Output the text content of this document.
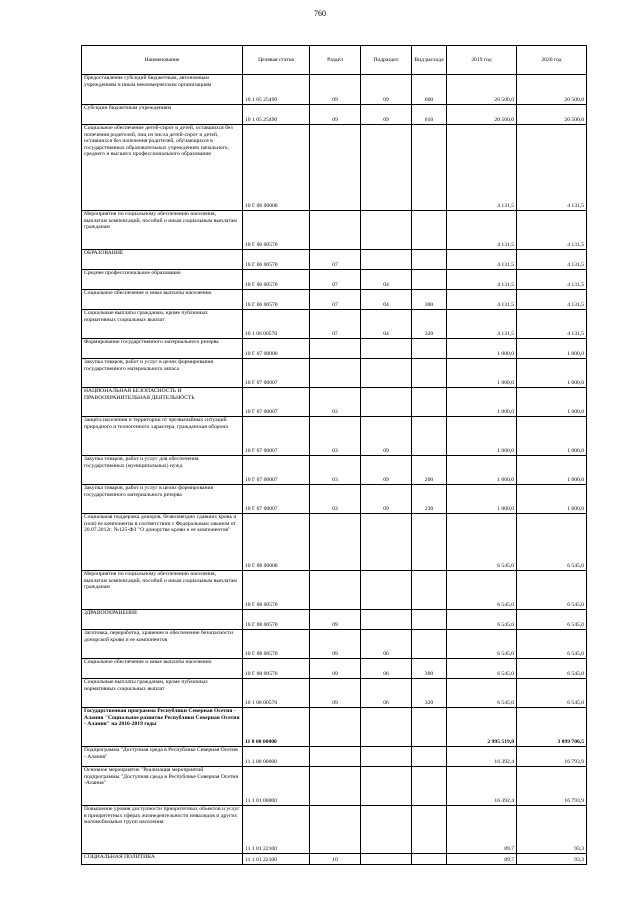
760
Наименование	Целевая статья	Раздел	Подраздел	Вид расхода	2019 год	2020 год
Предоставление субсидий бюджетным, автономным учреждениям и иным некоммерческим организациям	10 1 05 25490	09	09	600	20 500,0	20 500,0
Субсидии бюджетным учреждениям	10 1 05 25490	09	09	610	20 500,0	20 500,0
Социальное обеспечение детей-сирот и детей, оставшихся без попечения родителей, лиц из числа детей-сирот и детей, оставшихся без попечения родителей, обучающихся в государственных образовательных учреждениях начального, среднего и высшего профессионального образования	10 Г 06 00000				4 131,5	4 131,5
Мероприятия по социальному обеспечению населения, выплатам компенсаций, пособий и иным социальным выплатам гражданам	10 Г 06 00570				4 131,5	4 131,5
ОБРАЗОВАНИЕ	10 Г 06 00570	07			4 131,5	4 131,5
Среднее профессиональное образование	10 Г 06 00570	07	04		4 131,5	4 131,5
Социальное обеспечение и иные выплаты населению	10 Г 06 00570	07	04	300	4 131,5	4 131,5
Социальные выплаты гражданам, кроме публичных нормативных социальных выплат	10 1 06 00570	07	04	320	4 131,5	4 131,5
Формирование государственного материального резерва	10 Г 07 00000				1 000,0	1 000,0
Закупка товаров, работ и услуг в целях формирования государственного материального запаса	10 Г 07 00007				1 000,0	1 000,0
НАЦИОНАЛЬНАЯ БЕЗОПАСНОСТЬ И ПРАВООХРАНИТЕЛЬНАЯ ДЕЯТЕЛЬНОСТЬ	10 Г 07 00007	03			1 000,0	1 000,0
Защита населения и территории от чрезвычайных ситуаций природного и техногенного характера, гражданская оборона	10 Г 07 00007	03	09		1 000,0	1 000,0
Закупка товаров, работ и услуг для обеспечения государственных (муниципальных) нужд	10 Г 07 00007	03	09	200	1 000,0	1 000,0
Закупка товаров, работ и услуг в целях формирования государственного материального резерва	10 Г 07 00007	03	09	230	1 000,0	1 000,0
Социальная поддержка доноров, безвозмездно сдавших кровь и (или) ее компоненты в соответствии с Федеральным законом от 20.07.2012г. №125-ФЗ "О донорстве крови и ее компонентов"	10 Г 08 00000				6 545,0	6 545,0
Мероприятия по социальному обеспечению населения, выплатам компенсаций, пособий и иным социальным выплатам гражданам	10 Г 08 00570				6 545,0	6 545,0
ЗДРАВООХРАНЕНИЕ	10 Г 08 00570	09			6 545,0	6 545,0
Заготовка, переработка, хранение и обеспечение безопасности донорской крови и ее компонентов	10 Г 08 00570	09	06		6 545,0	6 545,0
Социальное обеспечение и иные выплаты населению	10 Г 08 00570	09	06	300	6 545,0	6 545,0
Социальные выплаты гражданам, кроме публичных нормативных социальных выплат	10 1 08 00570	09	06	320	6 545,0	6 545,0
Государственная программа Республики Северная Осетия - Алания "Социальное развитие Республики Северная Осетия - Алания" на 2016-2019 годы	11 0 00 00000				2 995 519,0	3 099 706,5
Подпрограмма "Доступная среда в Республике Северная Осетия - Алания"	11 1 00 00000				16 392,4	16 793,9
Основное мероприятие "Реализация мероприятий подпрограммы "Доступная среда в Республике Северная Осетия -Алания"	11 1 01 00000				16 392,4	16 793,9
Повышение уровня доступности приоритетных объектов и услуг в приоритетных сферах жизнедеятельности инвалидов и других маломобильных групп населения	11 1 01 22100				89,7	93,3
СОЦИАЛЬНАЯ ПОЛИТИКА	11 1 01 22100	10			89,7	93,3
